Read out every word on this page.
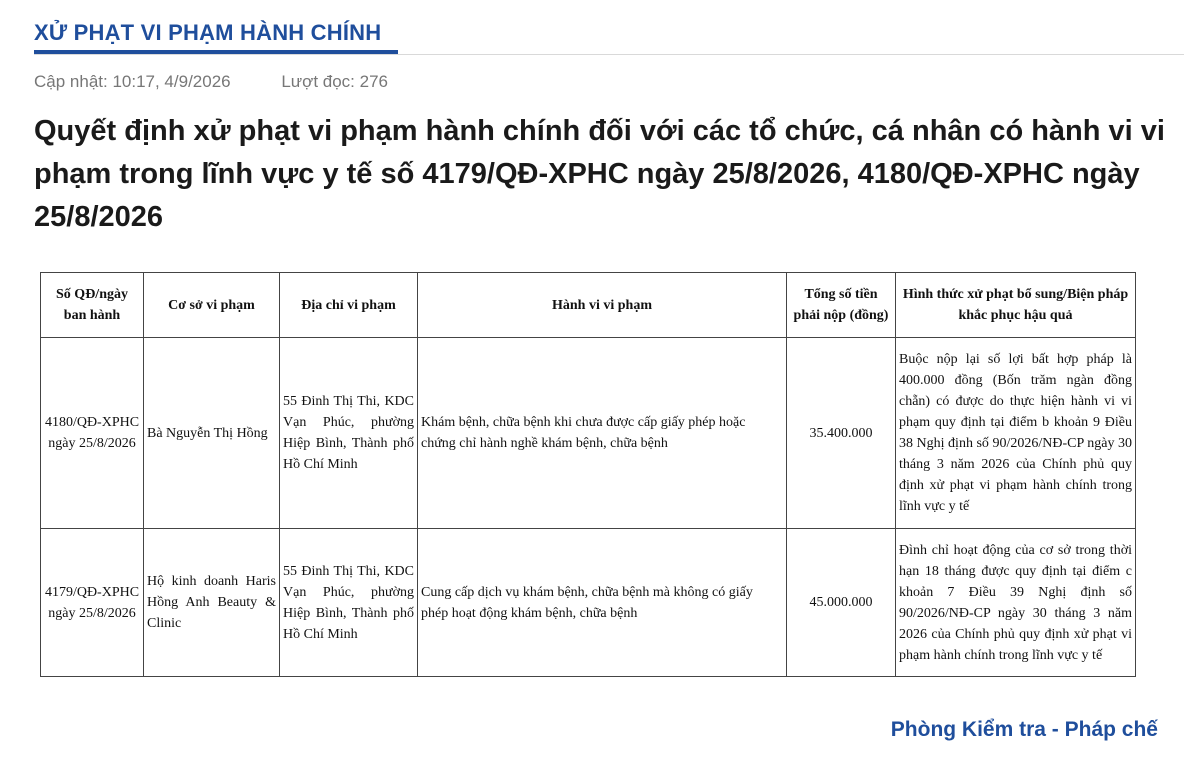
XỬ PHẠT VI PHẠM HÀNH CHÍNH
Cập nhật: 10:17, 4/9/2026	Lượt đọc: 276
Quyết định xử phạt vi phạm hành chính đối với các tổ chức, cá nhân có hành vi vi phạm trong lĩnh vực y tế số 4179/QĐ-XPHC ngày 25/8/2026, 4180/QĐ-XPHC ngày 25/8/2026
Số QĐ/ngày ban hành	Cơ sở vi phạm	Địa chỉ vi phạm	Hành vi vi phạm	Tổng số tiền phải nộp (đồng)	Hình thức xử phạt bổ sung/Biện pháp khắc phục hậu quả
4180/QĐ-XPHC ngày 25/8/2026	Bà Nguyễn Thị Hồng	55 Đinh Thị Thi, KDC Vạn Phúc, phường Hiệp Bình, Thành phố Hồ Chí Minh	Khám bệnh, chữa bệnh khi chưa được cấp giấy phép hoặc chứng chỉ hành nghề khám bệnh, chữa bệnh	35.400.000	Buộc nộp lại số lợi bất hợp pháp là 400.000 đồng (Bốn trăm ngàn đồng chẵn) có được do thực hiện hành vi vi phạm quy định tại điểm b khoản 9 Điều 38 Nghị định số 90/2026/NĐ-CP ngày 30 tháng 3 năm 2026 của Chính phủ quy định xử phạt vi phạm hành chính trong lĩnh vực y tế
4179/QĐ-XPHC ngày 25/8/2026	Hộ kinh doanh Haris Hồng Anh Beauty & Clinic	55 Đinh Thị Thi, KDC Vạn Phúc, phường Hiệp Bình, Thành phố Hồ Chí Minh	Cung cấp dịch vụ khám bệnh, chữa bệnh mà không có giấy phép hoạt động khám bệnh, chữa bệnh	45.000.000	Đình chỉ hoạt động của cơ sở trong thời hạn 18 tháng được quy định tại điểm c khoản 7 Điều 39 Nghị định số 90/2026/NĐ-CP ngày 30 tháng 3 năm 2026 của Chính phủ quy định xử phạt vi phạm hành chính trong lĩnh vực y tế
Phòng Kiểm tra - Pháp chế
